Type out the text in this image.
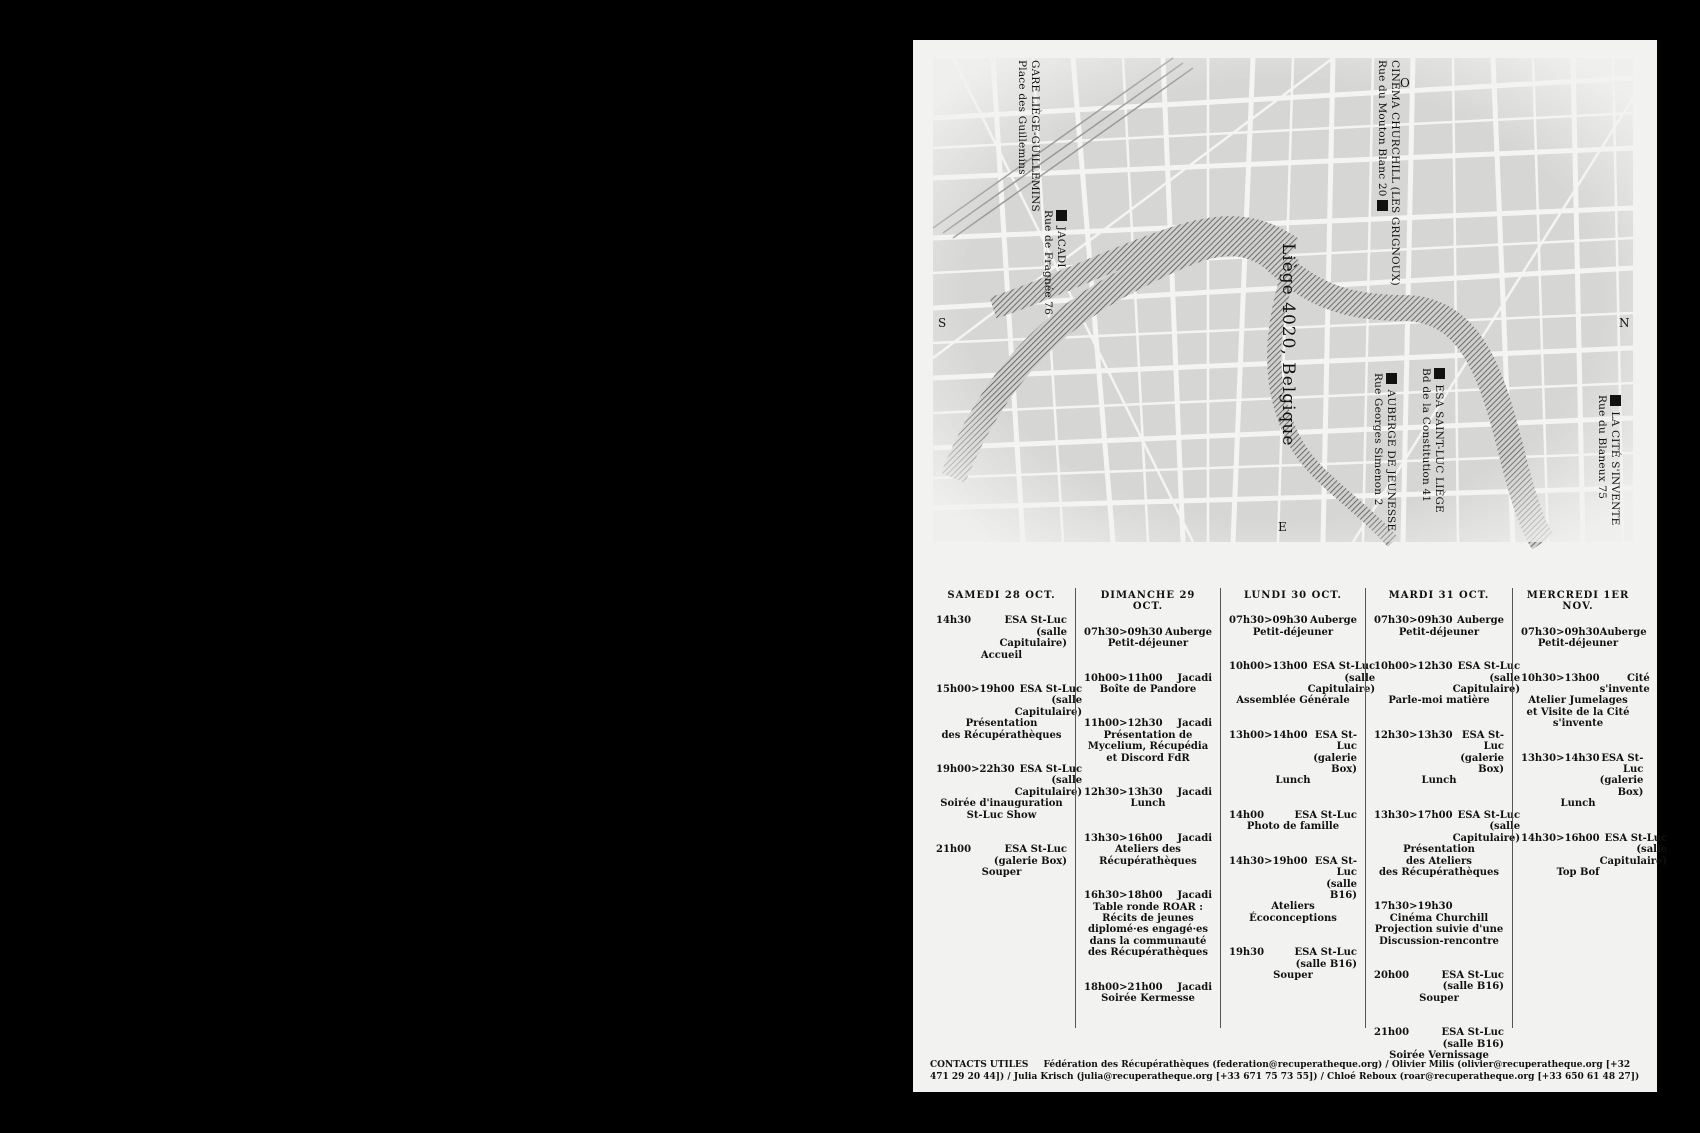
O
N
S
E
Liège 4020, Belgique
CINÉMA CHURCHILL (LES GRIGNOUX)
Rue du Mouton Blanc 20
GARE LIÈGE-GUILLEMINS
Place des Guillemins
JACADI
Rue de Fragnée 76
ESA SAINT-LUC LIÈGE
Bd de la Constitution 41
AUBERGE DE JEUNESSE
Rue Georges Simenon 2	LA CITÉ S'INVENTE
Rue du Blaneux 75
SAMEDI 28 OCT.
14h30	ESA St-Luc
(salle Capitulaire)
Accueil
15h00>19h00 ESA St-Luc
(salle Capitulaire)
Présentation
des Récupérathèques
19h00>22h30 ESA St-Luc
(salle Capitulaire)
Soirée d'inauguration
St-Luc Show
21h00	ESA St-Luc
(galerie Box)
Souper
DIMANCHE 29 OCT.
07h30>09h30 Auberge
Petit-déjeuner
10h00>11h00 Jacadi
Boîte de Pandore
11h00>12h30 Jacadi
Présentation de
Mycelium, Récupédia
et Discord FdR
12h30>13h30 Jacadi
Lunch
13h30>16h00 Jacadi
Ateliers des
Récupérathèques
16h30>18h00 Jacadi
Table ronde ROAR :
Récits de jeunes
diplomé·es engagé·es
dans la communauté
des Récupérathèques
18h00>21h00 Jacadi
Soirée Kermesse
LUNDI 30 OCT.
07h30>09h30 Auberge
Petit-déjeuner
10h00>13h00 ESA St-Luc
(salle Capitulaire)
Assemblée Générale
13h00>14h00 ESA St-Luc
(galerie Box)
Lunch
14h00	ESA St-Luc
Photo de famille
14h30>19h00 ESA St-Luc
(salle B16)
Ateliers Écoconceptions
19h30	ESA St-Luc
(salle B16)
Souper
MARDI 31 OCT.
07h30>09h30 Auberge
Petit-déjeuner
10h00>12h30 ESA St-Luc
(salle Capitulaire)
Parle-moi matière
12h30>13h30 ESA St-Luc
(galerie Box)
Lunch
13h30>17h00 ESA St-Luc
(salle Capitulaire)
Présentation
des Ateliers
des Récupérathèques
17h30>19h30
Cinéma Churchill
Projection suivie d'une
Discussion-rencontre
20h00	ESA St-Luc
(salle B16)
Souper
21h00	ESA St-Luc
(salle B16)
Soirée Vernissage
MERCREDI 1ER NOV.
07h30>09h30 Auberge
Petit-déjeuner
10h30>13h00	Cité s'invente
Atelier Jumelages
et Visite de la Cité
s'invente
13h30>14h30 ESA St-Luc
(galerie Box)
Lunch
14h30>16h00 ESA St-Luc
(salle Capitulaire)
Top Bof
CONTACTS UTILES Fédération des Récupérathèques (federation@recuperatheque.org) / Olivier Milis (olivier@recuperatheque.org [+32 471 29 20 44]) / Julia Krisch (julia@recuperatheque.org [+33 671 75 73 55]) / Chloé Reboux (roar@recuperatheque.org [+33 650 61 48 27])
